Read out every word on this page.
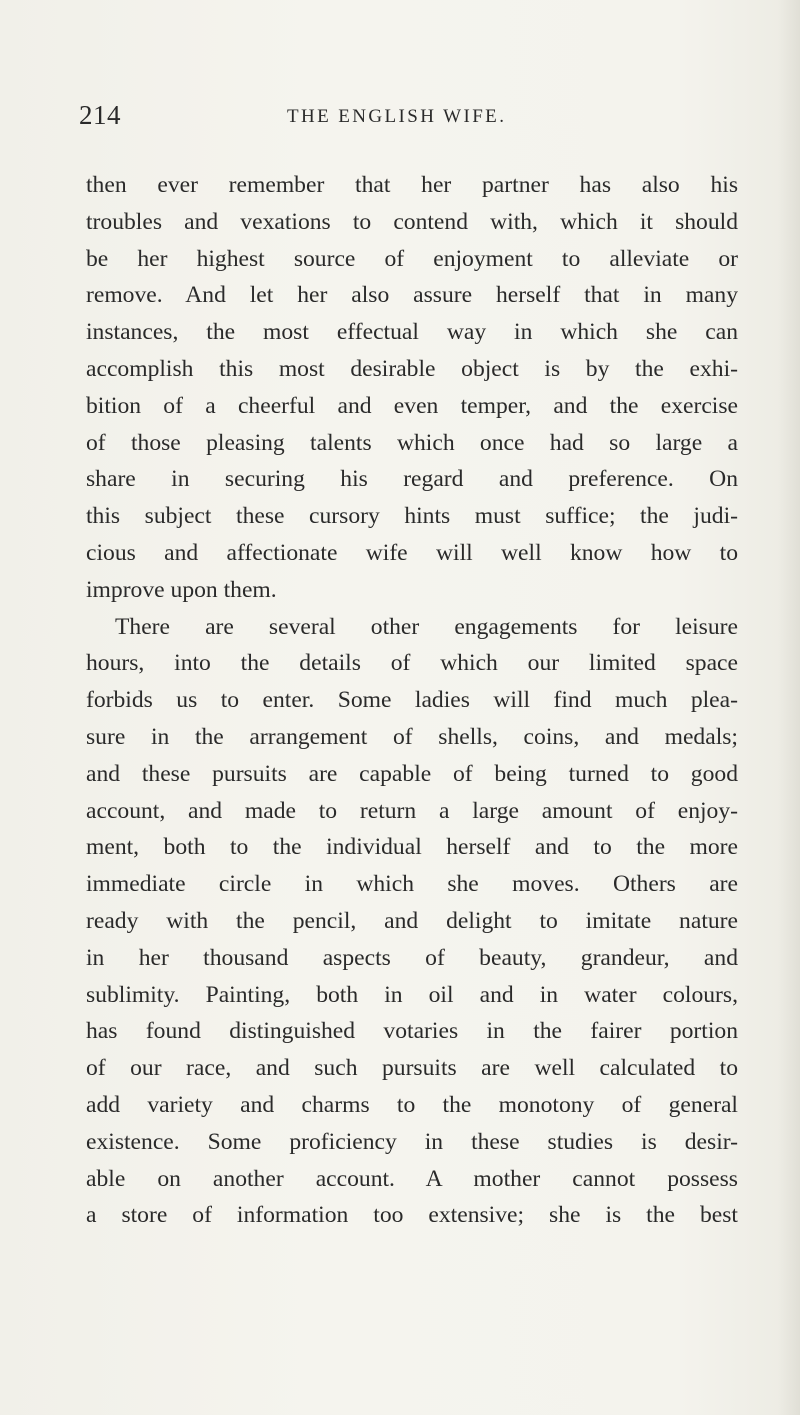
214	THE ENGLISH WIFE.
then ever remember that her partner has also his
troubles and vexations to contend with, which it should
be her highest source of enjoyment to alleviate or
remove. And let her also assure herself that in many
instances, the most effectual way in which she can
accomplish this most desirable object is by the exhi-
bition of a cheerful and even temper, and the exercise
of those pleasing talents which once had so large a
share in securing his regard and preference. On
this subject these cursory hints must suffice; the judi-
cious and affectionate wife will well know how to
improve upon them.
There are several other engagements for leisure
hours, into the details of which our limited space
forbids us to enter. Some ladies will find much plea-
sure in the arrangement of shells, coins, and medals;
and these pursuits are capable of being turned to good
account, and made to return a large amount of enjoy-
ment, both to the individual herself and to the more
immediate circle in which she moves. Others are
ready with the pencil, and delight to imitate nature
in her thousand aspects of beauty, grandeur, and
sublimity. Painting, both in oil and in water colours,
has found distinguished votaries in the fairer portion
of our race, and such pursuits are well calculated to
add variety and charms to the monotony of general
existence. Some proficiency in these studies is desir-
able on another account. A mother cannot possess
a store of information too extensive; she is the best
